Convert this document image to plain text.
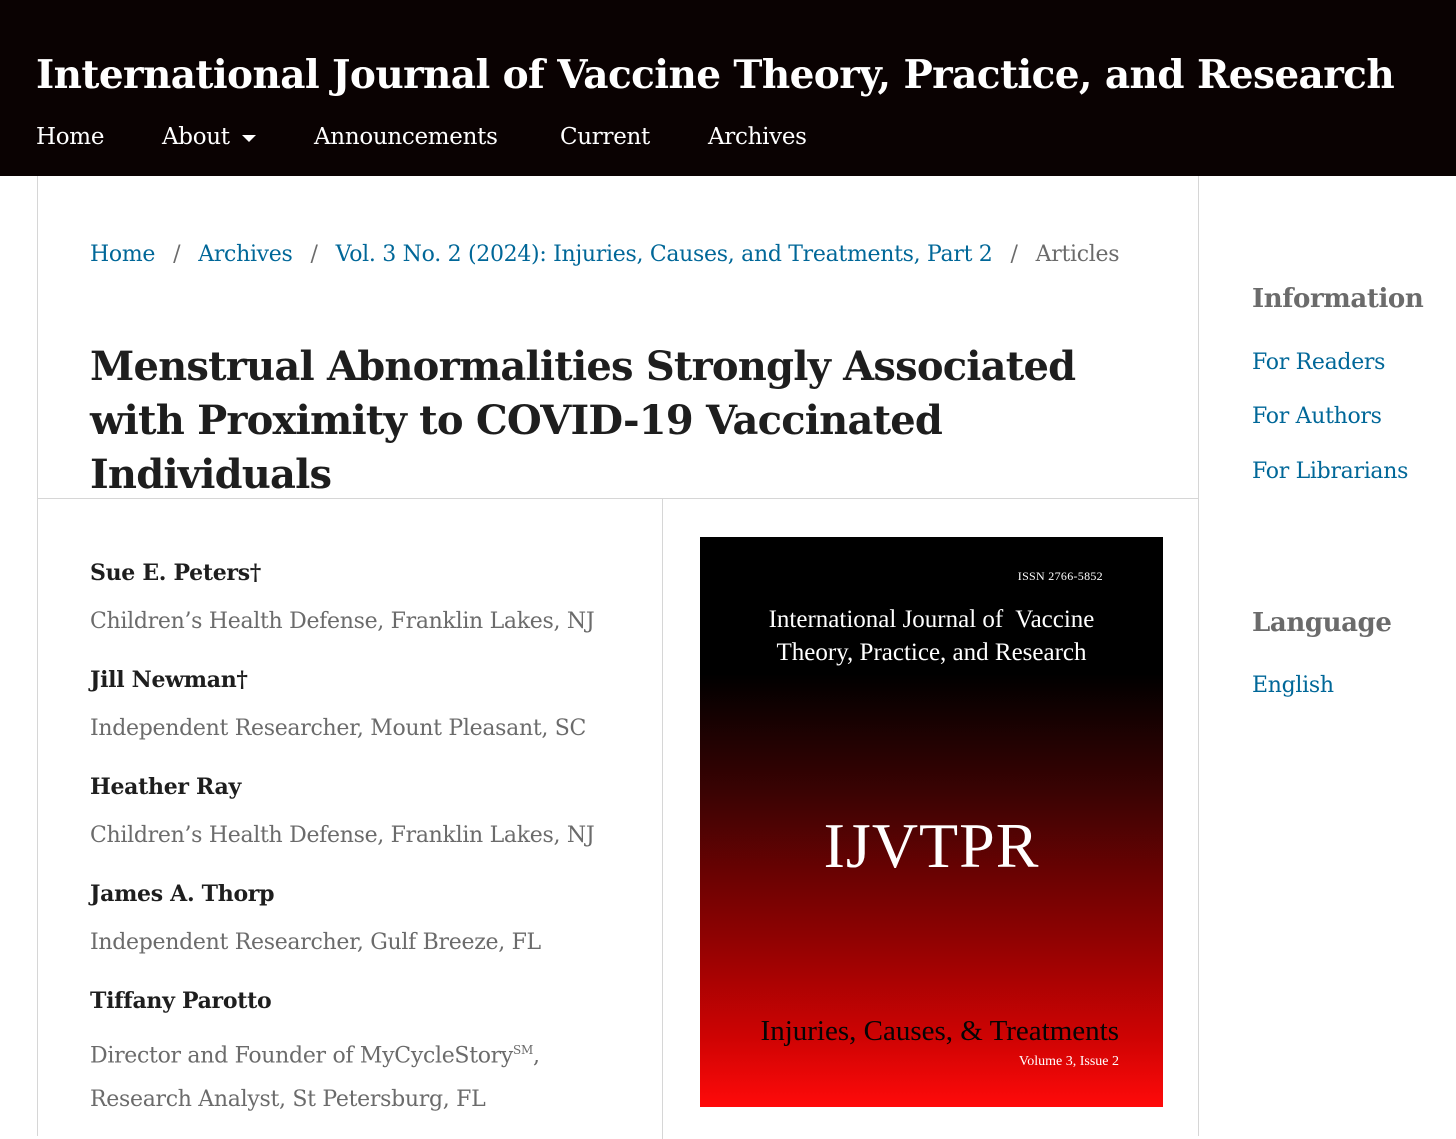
International Journal of Vaccine Theory, Practice, and Research
Home	About	Announcements	Current	Archives
Home / Archives / Vol. 3 No. 2 (2024): Injuries, Causes, and Treatments, Part 2 / Articles
Menstrual Abnormalities Strongly Associated with Proximity to COVID-19 Vaccinated Individuals
Sue E. Peters†
Children’s Health Defense, Franklin Lakes, NJ
Jill Newman†
Independent Researcher, Mount Pleasant, SC
Heather Ray
Children’s Health Defense, Franklin Lakes, NJ
James A. Thorp
Independent Researcher, Gulf Breeze, FL
Tiffany Parotto
Director and Founder of MyCycleStory℠,
Research Analyst, St Petersburg, FL
ISSN 2766-5852
International Journal of  Vaccine
Theory, Practice, and Research
IJVTPR
Injuries, Causes, & Treatments
Volume 3, Issue 2
Information
For Readers
For Authors
For Librarians
Language
English
